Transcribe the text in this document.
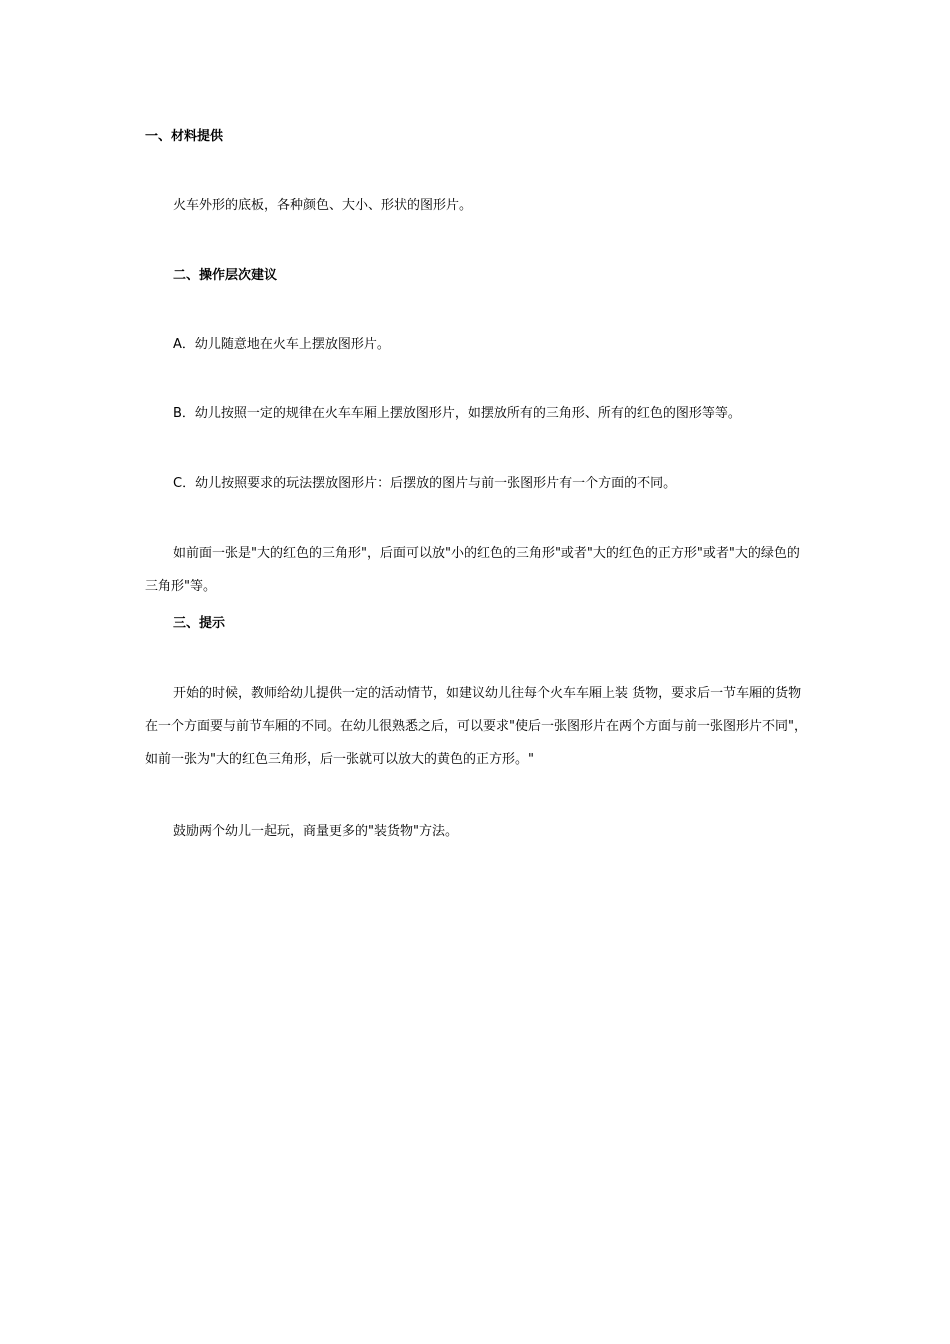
一、材料提供
火车外形的底板，各种颜色、大小、形状的图形片。
二、操作层次建议
A．幼儿随意地在火车上摆放图形片。
B．幼儿按照一定的规律在火车车厢上摆放图形片，如摆放所有的三角形、所有的红色的图形等等。
C．幼儿按照要求的玩法摆放图形片：后摆放的图片与前一张图形片有一个方面的不同。
如前面一张是"大的红色的三角形"，后面可以放"小的红色的三角形"或者"大的红色的正方形"或者"大的绿色的三角形"等。
三、提示
开始的时候，教师给幼儿提供一定的活动情节，如建议幼儿往每个火车车厢上装 货物，要求后一节车厢的货物在一个方面要与前节车厢的不同。在幼儿很熟悉之后，可以要求"使后一张图形片在两个方面与前一张图形片不同"，如前一张为"大的红色三角形，后一张就可以放大的黄色的正方形。"
鼓励两个幼儿一起玩，商量更多的"装货物"方法。
